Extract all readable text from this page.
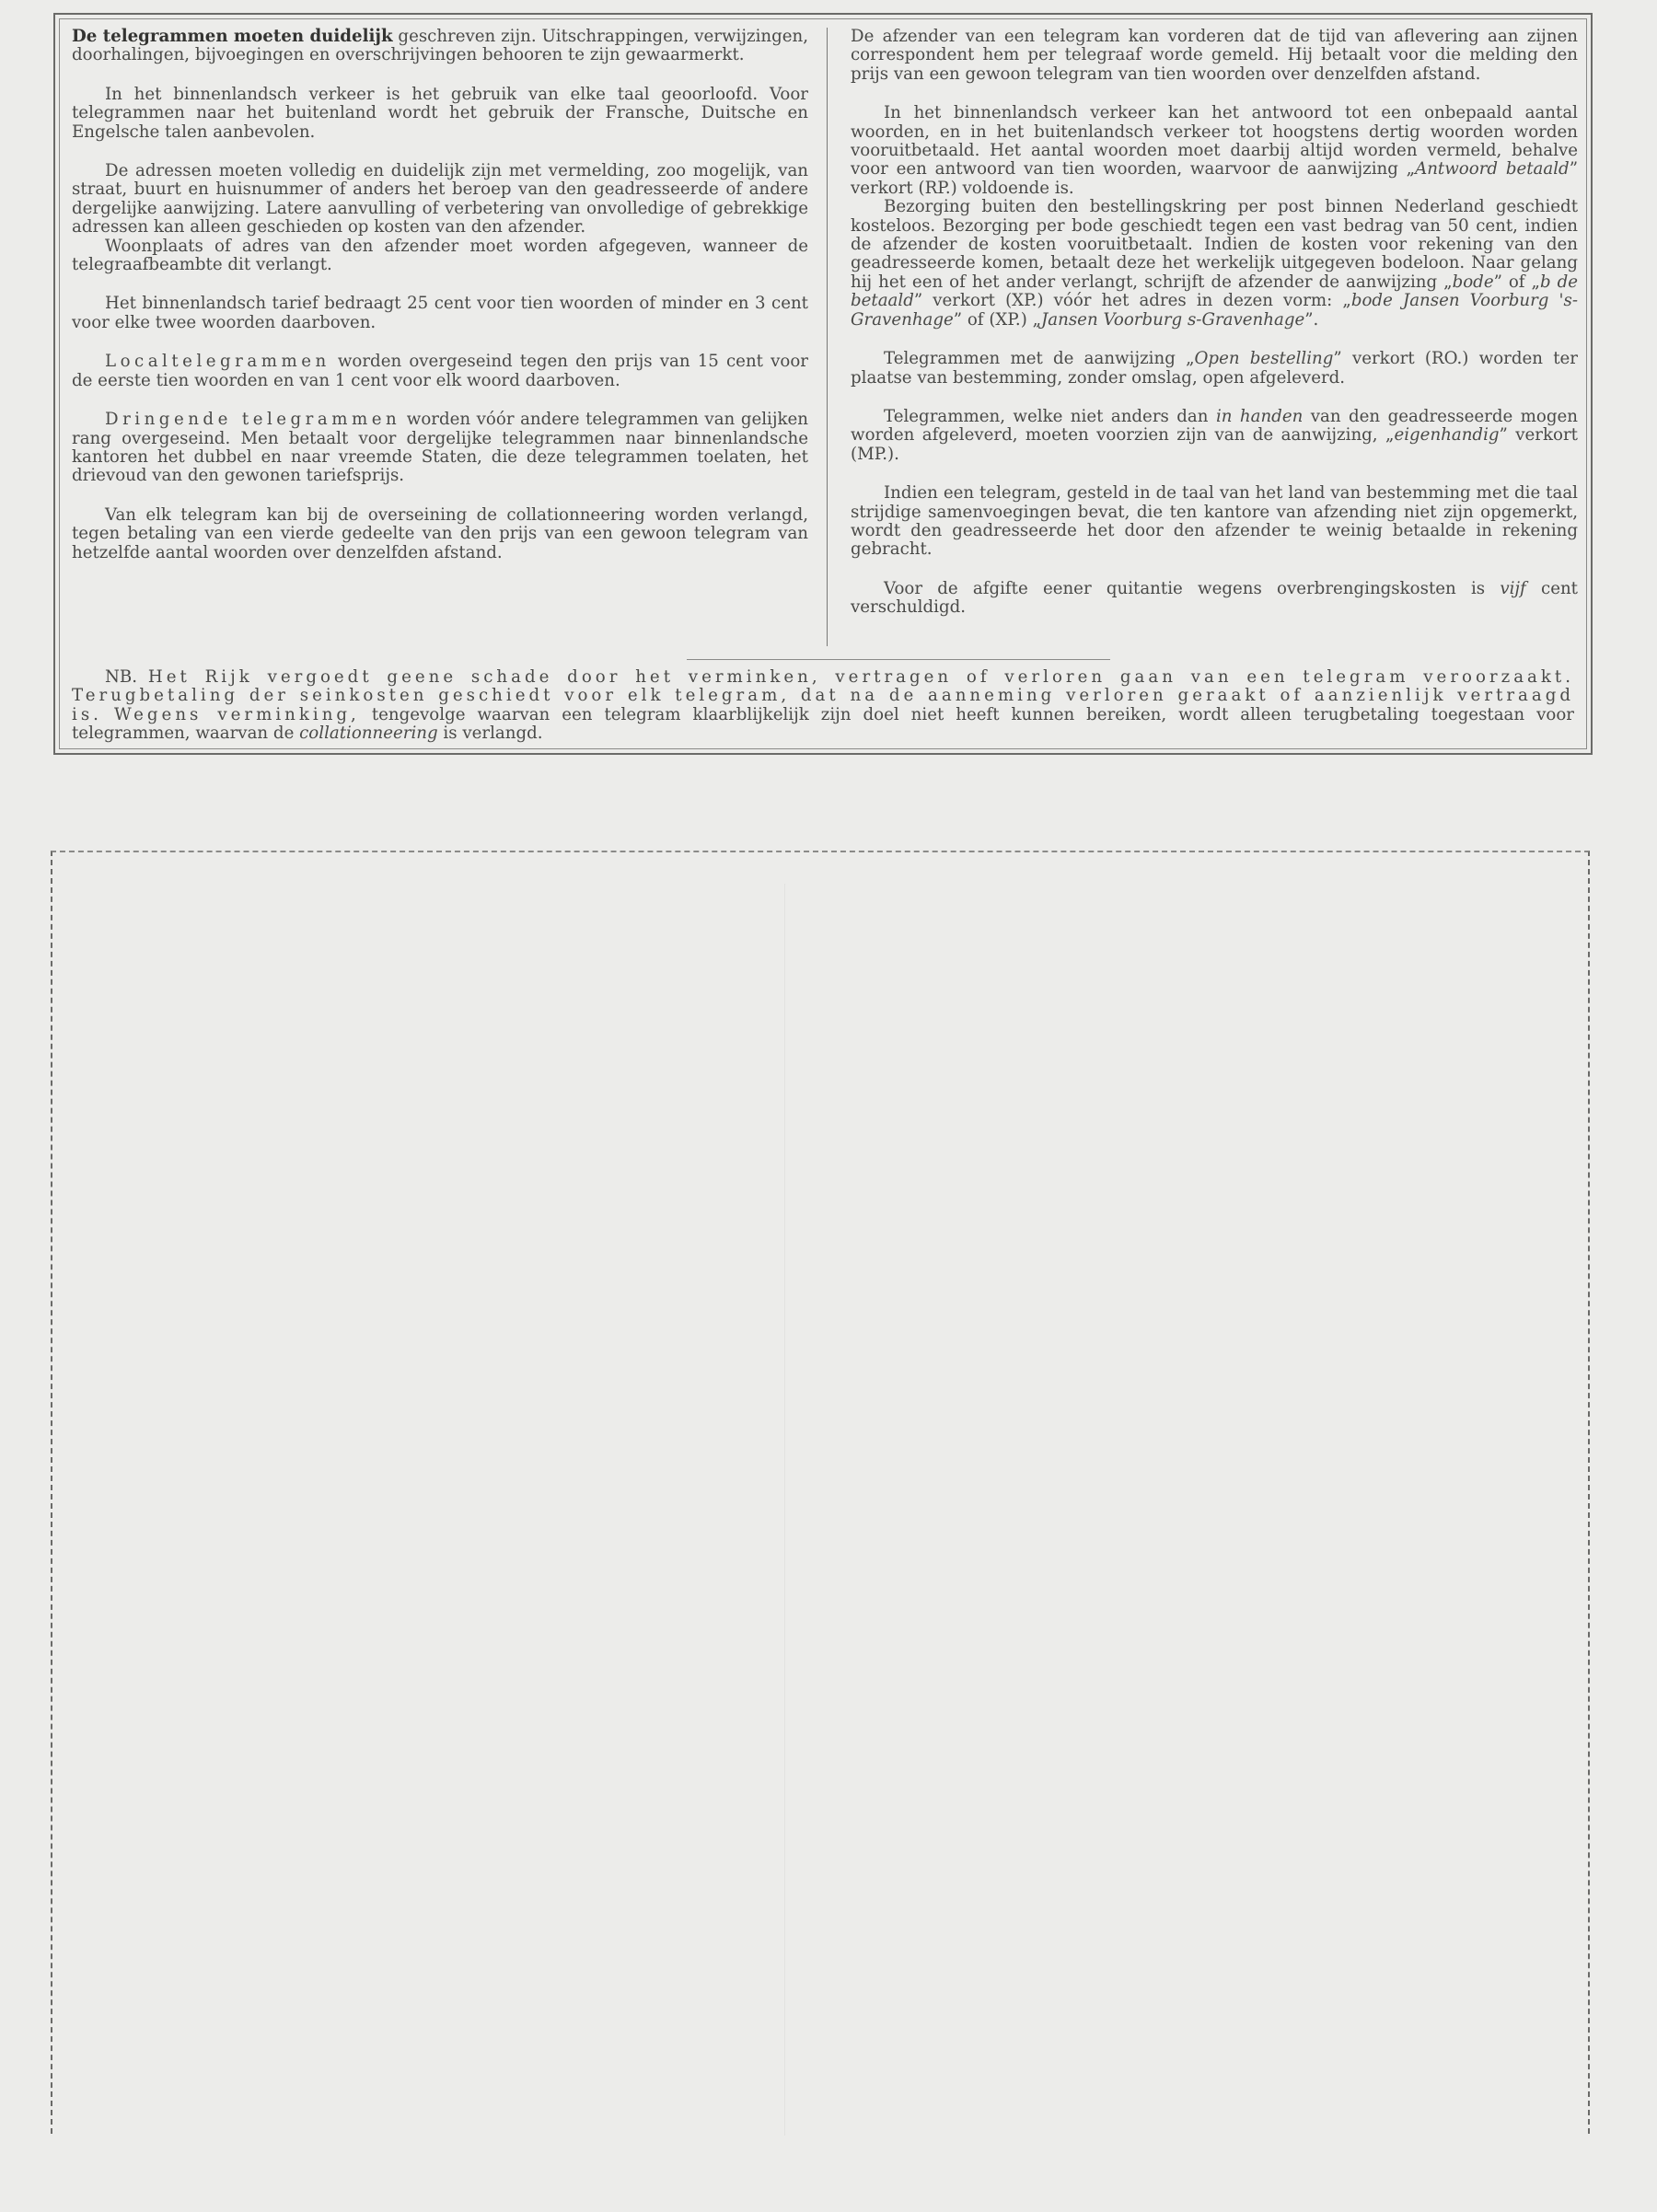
De telegrammen moeten duidelijk geschreven zijn. Uitschrappingen, verwijzingen, doorhalingen, bijvoegingen en overschrijvingen behooren te zijn gewaarmerkt.

In het binnenlandsch verkeer is het gebruik van elke taal geoorloofd. Voor telegrammen naar het buitenland wordt het gebruik der Fransche, Duitsche en Engelsche talen aanbevolen.

De adressen moeten volledig en duidelijk zijn met vermelding, zoo mogelijk, van straat, buurt en huisnummer of anders het beroep van den geadresseerde of andere dergelijke aanwijzing. Latere aanvulling of verbetering van onvolledige of gebrekkige adressen kan alleen geschieden op kosten van den afzender.

Woonplaats of adres van den afzender moet worden afgegeven, wanneer de telegraafbeambte dit verlangt.

Het binnenlandsch tarief bedraagt 25 cent voor tien woorden of minder en 3 cent voor elke twee woorden daarboven.

Localtelegrammen worden overgeseind tegen den prijs van 15 cent voor de eerste tien woorden en van 1 cent voor elk woord daarboven.

Dringende telegrammen worden vóór andere telegrammen van gelijken rang overgeseind. Men betaalt voor dergelijke telegrammen naar binnenlandsche kantoren het dubbel en naar vreemde Staten, die deze telegrammen toelaten, het drievoud van den gewonen tariefsprijs.

Van elk telegram kan bij de overseining de collationneering worden verlangd, tegen betaling van een vierde gedeelte van den prijs van een gewoon telegram van hetzelfde aantal woorden over denzelfden afstand.

De afzender van een telegram kan vorderen dat de tijd van aflevering aan zijnen correspondent hem per telegraaf worde gemeld. Hij betaalt voor die melding den prijs van een gewoon telegram van tien woorden over denzelfden afstand.

In het binnenlandsch verkeer kan het antwoord tot een onbepaald aantal woorden, en in het buitenlandsch verkeer tot hoogstens dertig woorden worden vooruitbetaald. Het aantal woorden moet daarbij altijd worden vermeld, behalve voor een antwoord van tien woorden, waarvoor de aanwijzing „Antwoord betaald” verkort (RP.) voldoende is.

Bezorging buiten den bestellingskring per post binnen Nederland geschiedt kosteloos. Bezorging per bode geschiedt tegen een vast bedrag van 50 cent, indien de afzender de kosten vooruitbetaalt. Indien de kosten voor rekening van den geadresseerde komen, betaalt deze het werkelijk uitgegeven bodeloon. Naar gelang hij het een of het ander verlangt, schrijft de afzender de aanwijzing „bode” of „b de betaald” verkort (XP.) vóór het adres in dezen vorm: „bode Jansen Voorburg 's-Gravenhage” of (XP.) „Jansen Voorburg s-Gravenhage”.

Telegrammen met de aanwijzing „Open bestelling” verkort (RO.) worden ter plaatse van bestemming, zonder omslag, open afgeleverd.

Telegrammen, welke niet anders dan in handen van den geadresseerde mogen worden afgeleverd, moeten voorzien zijn van de aanwijzing, „eigenhandig” verkort (MP.).

Indien een telegram, gesteld in de taal van het land van bestemming met die taal strijdige samenvoegingen bevat, die ten kantore van afzending niet zijn opgemerkt, wordt den geadresseerde het door den afzender te weinig betaalde in rekening gebracht.

Voor de afgifte eener quitantie wegens overbrengingskosten is vijf cent verschuldigd.

NB. Het Rijk vergoedt geene schade door het verminken, vertragen of verloren gaan van een telegram veroorzaakt. Terugbetaling der seinkosten geschiedt voor elk telegram, dat na de aanneming verloren geraakt of aanzienlijk vertraagd is. Wegens verminking, tengevolge waarvan een telegram klaarblijkelijk zijn doel niet heeft kunnen bereiken, wordt alleen terugbetaling toegestaan voor telegrammen, waarvan de collationneering is verlangd.
